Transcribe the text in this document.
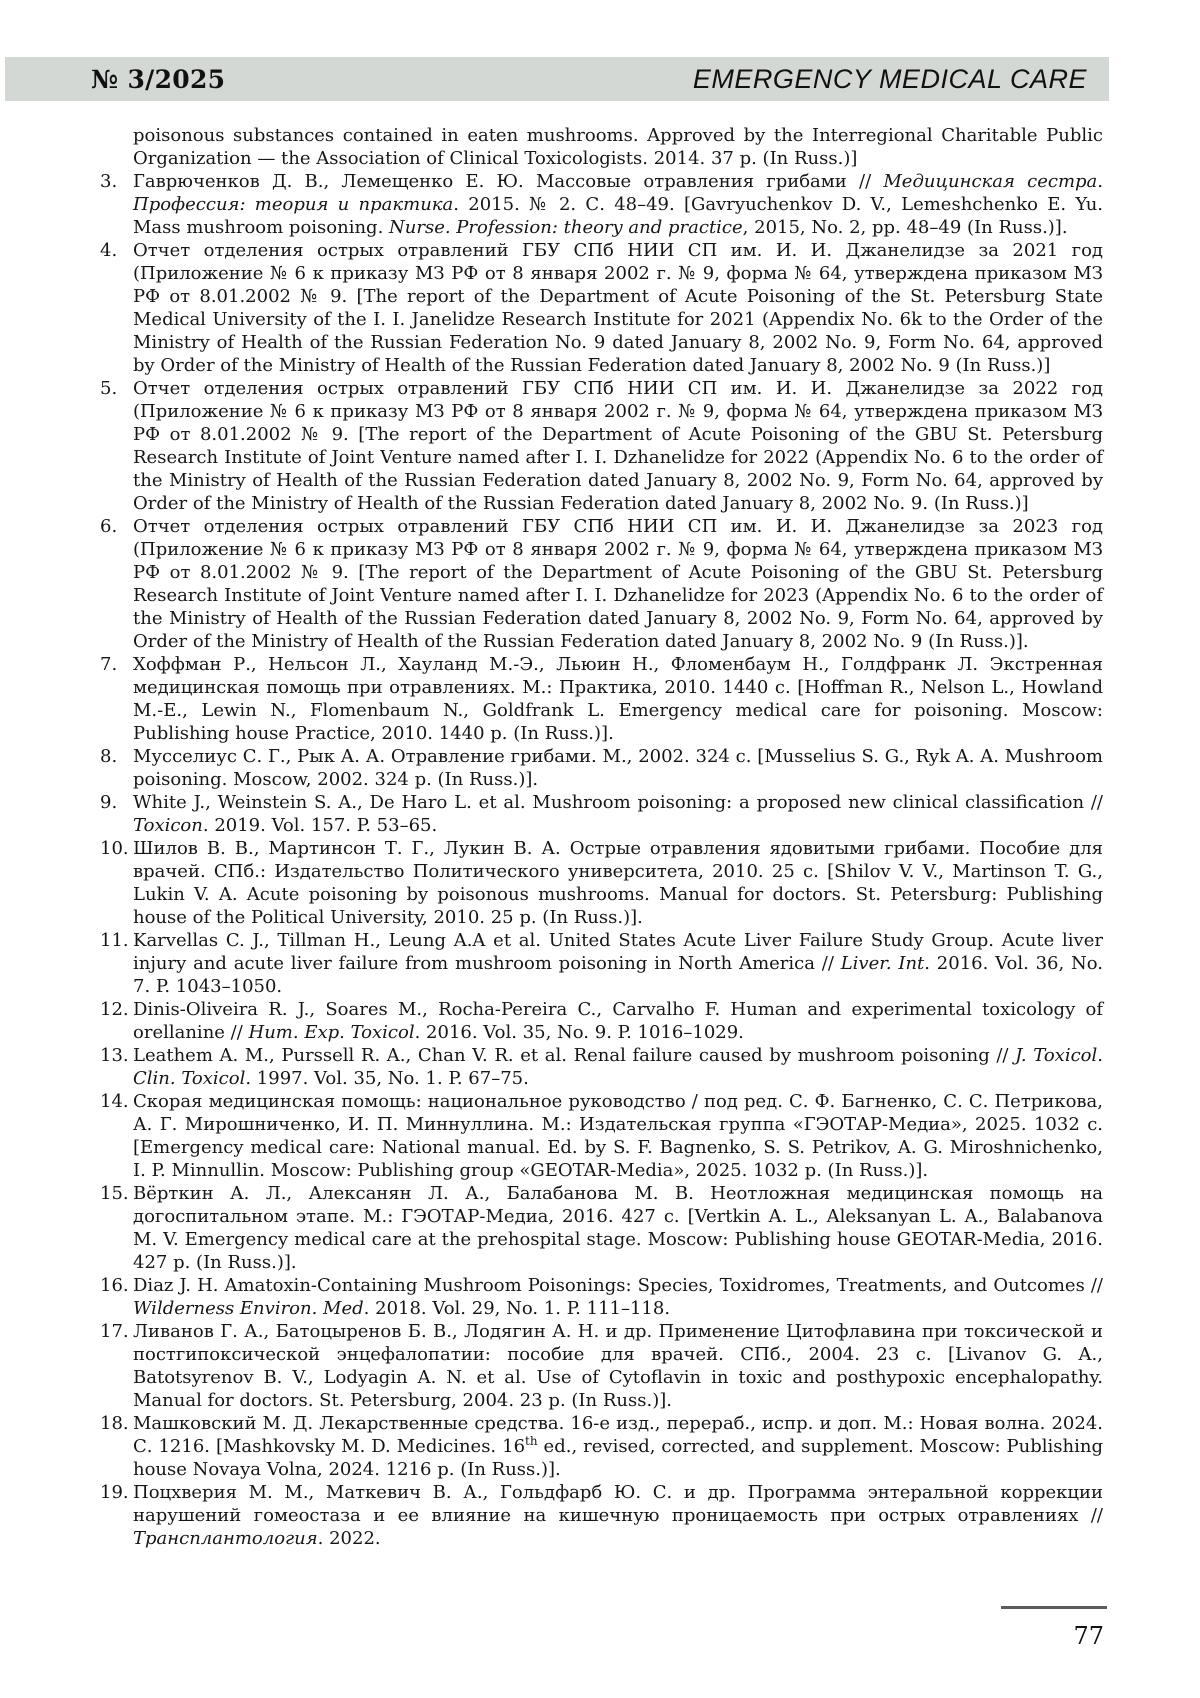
№ 3/2025	EMERGENCY MEDICAL CARE

poisonous substances contained in eaten mushrooms. Approved by the Interregional Charitable Public Organization — the Association of Clinical Toxicologists. 2014. 37 p. (In Russ.)]

3. Гаврюченков Д. В., Лемещенко Е. Ю. Массовые отравления грибами // Медицинская сестра. Профессия: теория и практика. 2015. № 2. С. 48–49. [Gavryuchenkov D. V., Lemeshchenko E. Yu. Mass mushroom poisoning. Nurse. Profession: theory and practice, 2015, No. 2, pp. 48–49 (In Russ.)].

4. Отчет отделения острых отравлений ГБУ СПб НИИ СП им. И. И. Джанелидзе за 2021 год (Приложение № 6 к приказу МЗ РФ от 8 января 2002 г. № 9, форма № 64, утверждена приказом МЗ РФ от 8.01.2002 № 9. [The report of the Department of Acute Poisoning of the St. Petersburg State Medical University of the I. I. Janelidze Research Institute for 2021 (Appendix No. 6k to the Order of the Ministry of Health of the Russian Federation No. 9 dated January 8, 2002 No. 9, Form No. 64, approved by Order of the Ministry of Health of the Russian Federation dated January 8, 2002 No. 9 (In Russ.)]

5. Отчет отделения острых отравлений ГБУ СПб НИИ СП им. И. И. Джанелидзе за 2022 год (Приложение № 6 к приказу МЗ РФ от 8 января 2002 г. № 9, форма № 64, утверждена приказом МЗ РФ от 8.01.2002 № 9. [The report of the Department of Acute Poisoning of the GBU St. Petersburg Research Institute of Joint Venture named after I. I. Dzhanelidze for 2022 (Appendix No. 6 to the order of the Ministry of Health of the Russian Federation dated January 8, 2002 No. 9, Form No. 64, approved by Order of the Ministry of Health of the Russian Federation dated January 8, 2002 No. 9. (In Russ.)]

6. Отчет отделения острых отравлений ГБУ СПб НИИ СП им. И. И. Джанелидзе за 2023 год (Приложение № 6 к приказу МЗ РФ от 8 января 2002 г. № 9, форма № 64, утверждена приказом МЗ РФ от 8.01.2002 № 9. [The report of the Department of Acute Poisoning of the GBU St. Petersburg Research Institute of Joint Venture named after I. I. Dzhanelidze for 2023 (Appendix No. 6 to the order of the Ministry of Health of the Russian Federation dated January 8, 2002 No. 9, Form No. 64, approved by Order of the Ministry of Health of the Russian Federation dated January 8, 2002 No. 9 (In Russ.)].

7. Хоффман Р., Нельсон Л., Хауланд М.-Э., Льюин Н., Фломенбаум Н., Голдфранк Л. Экстренная медицинская помощь при отравлениях. М.: Практика, 2010. 1440 с. [Hoffman R., Nelson L., Howland M.-E., Lewin N., Flomenbaum N., Goldfrank L. Emergency medical care for poisoning. Moscow: Publishing house Practice, 2010. 1440 p. (In Russ.)].

8. Мусселиус С. Г., Рык А. А. Отравление грибами. М., 2002. 324 с. [Musselius S. G., Ryk A. A. Mushroom poisoning. Moscow, 2002. 324 p. (In Russ.)].

9. White J., Weinstein S. A., De Haro L. et al. Mushroom poisoning: a proposed new clinical classification // Toxicon. 2019. Vol. 157. P. 53–65.

10. Шилов В. В., Мартинсон Т. Г., Лукин В. А. Острые отравления ядовитыми грибами. Пособие для врачей. СПб.: Издательство Политического университета, 2010. 25 с. [Shilov V. V., Martinson T. G., Lukin V. A. Acute poisoning by poisonous mushrooms. Manual for doctors. St. Petersburg: Publishing house of the Political University, 2010. 25 p. (In Russ.)].

11. Karvellas C. J., Tillman H., Leung A.A et al. United States Acute Liver Failure Study Group. Acute liver injury and acute liver failure from mushroom poisoning in North America // Liver. Int. 2016. Vol. 36, No. 7. P. 1043–1050.

12. Dinis-Oliveira R. J., Soares M., Rocha-Pereira C., Carvalho F. Human and experimental toxicology of orellanine // Hum. Exp. Toxicol. 2016. Vol. 35, No. 9. P. 1016–1029.

13. Leathem A. M., Purssell R. A., Chan V. R. et al. Renal failure caused by mushroom poisoning // J. Toxicol. Clin. Toxicol. 1997. Vol. 35, No. 1. P. 67–75.

14. Скорая медицинская помощь: национальное руководство / под ред. С. Ф. Багненко, С. С. Петрикова, А. Г. Мирошниченко, И. П. Миннуллина. М.: Издательская группа «ГЭОТАР-Медиа», 2025. 1032 с. [Emergency medical care: National manual. Ed. by S. F. Bagnenko, S. S. Petrikov, A. G. Miroshnichenko, I. P. Minnullin. Moscow: Publishing group «GEOTAR-Media», 2025. 1032 p. (In Russ.)].

15. Вёрткин А. Л., Алексанян Л. А., Балабанова М. В. Неотложная медицинская помощь на догоспитальном этапе. М.: ГЭОТАР-Медиа, 2016. 427 с. [Vertkin A. L., Aleksanyan L. A., Balabanova M. V. Emergency medical care at the prehospital stage. Moscow: Publishing house GEOTAR-Media, 2016. 427 p. (In Russ.)].

16. Diaz J. H. Amatoxin-Containing Mushroom Poisonings: Species, Toxidromes, Treatments, and Outcomes // Wilderness Environ. Med. 2018. Vol. 29, No. 1. P. 111–118.

17. Ливанов Г. А., Батоцыренов Б. В., Лодягин А. Н. и др. Применение Цитофлавина при токсической и постгипоксической энцефалопатии: пособие для врачей. СПб., 2004. 23 с. [Livanov G. A., Batotsyrenov B. V., Lodyagin A. N. et al. Use of Cytoflavin in toxic and posthypoxic encephalopathy. Manual for doctors. St. Petersburg, 2004. 23 p. (In Russ.)].

18. Машковский М. Д. Лекарственные средства. 16-е изд., перераб., испр. и доп. М.: Новая волна. 2024. С. 1216. [Mashkovsky M. D. Medicines. 16th ed., revised, corrected, and supplement. Moscow: Publishing house Novaya Volna, 2024. 1216 p. (In Russ.)].

19. Поцхверия М. М., Маткевич В. А., Гольдфарб Ю. С. и др. Программа энтеральной коррекции нарушений гомеостаза и ее влияние на кишечную проницаемость при острых отравлениях // Трансплантология. 2022.

77
